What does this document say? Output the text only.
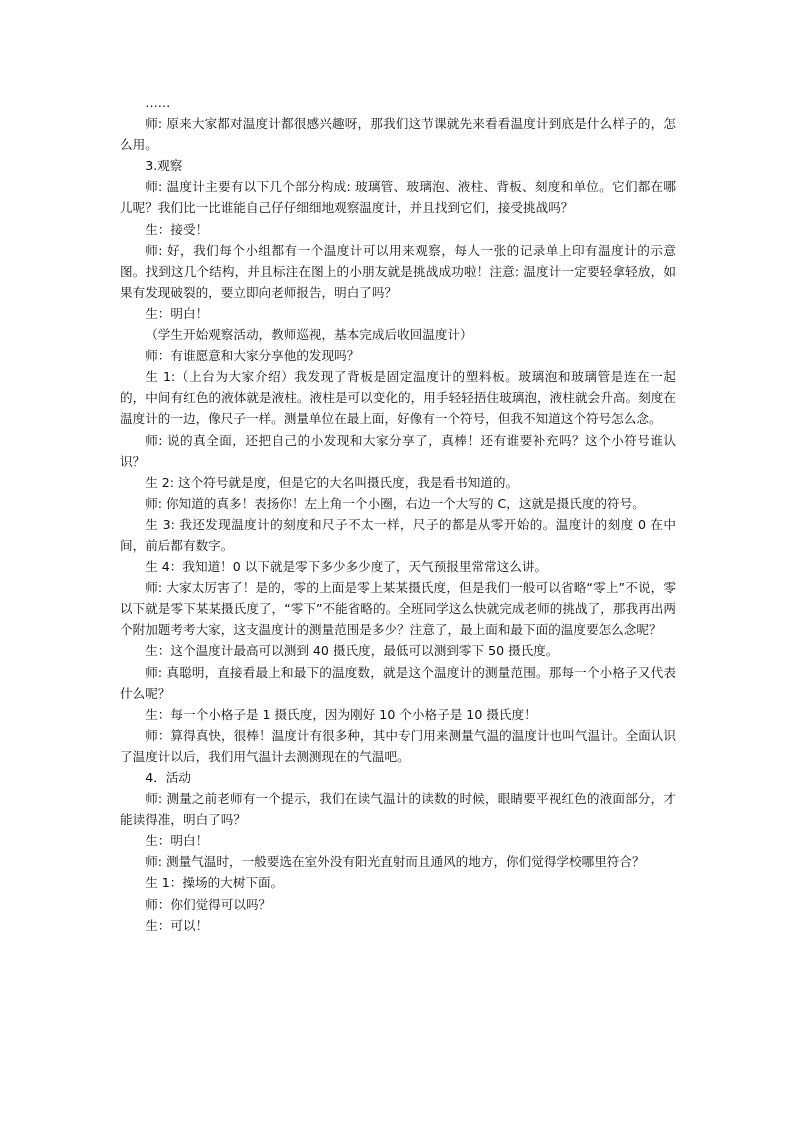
……

师: 原来大家都对温度计都很感兴趣呀，那我们这节课就先来看看温度计到底是什么样子的，怎么用。

3.观察

师: 温度计主要有以下几个部分构成: 玻璃管、玻璃泡、液柱、背板、刻度和单位。它们都在哪儿呢？我们比一比谁能自己仔仔细细地观察温度计，并且找到它们，接受挑战吗？

生：接受！

师: 好，我们每个小组都有一个温度计可以用来观察，每人一张的记录单上印有温度计的示意图。找到这几个结构，并且标注在图上的小朋友就是挑战成功啦！注意: 温度计一定要轻拿轻放，如果有发现破裂的，要立即向老师报告，明白了吗？

生：明白！

（学生开始观察活动，教师巡视，基本完成后收回温度计）

师：有谁愿意和大家分享他的发现吗？

生 1:（上台为大家介绍）我发现了背板是固定温度计的塑料板。玻璃泡和玻璃管是连在一起的，中间有红色的液体就是液柱。液柱是可以变化的，用手轻轻捂住玻璃泡，液柱就会升高。刻度在温度计的一边，像尺子一样。测量单位在最上面，好像有一个符号，但我不知道这个符号怎么念。

师: 说的真全面，还把自己的小发现和大家分享了，真棒！还有谁要补充吗？这个小符号谁认识？

生 2: 这个符号就是度，但是它的大名叫摄氏度，我是看书知道的。

师: 你知道的真多！表扬你！左上角一个小圈，右边一个大写的 C，这就是摄氏度的符号。

生 3: 我还发现温度计的刻度和尺子不太一样，尺子的都是从零开始的。温度计的刻度 0 在中间，前后都有数字。

生 4：我知道！0 以下就是零下多少多少度了，天气预报里常常这么讲。

师: 大家太厉害了！是的，零的上面是零上某某摄氏度，但是我们一般可以省略“零上”不说，零以下就是零下某某摄氏度了，“零下”不能省略的。全班同学这么快就完成老师的挑战了，那我再出两个附加题考考大家，这支温度计的测量范围是多少？注意了，最上面和最下面的温度要怎么念呢？

生：这个温度计最高可以测到 40 摄氏度，最低可以测到零下 50 摄氏度。

师: 真聪明，直接看最上和最下的温度数，就是这个温度计的测量范围。那每一个小格子又代表什么呢？

生：每一个小格子是 1 摄氏度，因为刚好 10 个小格子是 10 摄氏度！

师：算得真快，很棒！温度计有很多种，其中专门用来测量气温的温度计也叫气温计。全面认识了温度计以后，我们用气温计去测测现在的气温吧。

4．活动

师: 测量之前老师有一个提示，我们在读气温计的读数的时候，眼睛要平视红色的液面部分，才能读得准，明白了吗？

生：明白！

师: 测量气温时，一般要选在室外没有阳光直射而且通风的地方，你们觉得学校哪里符合？

生 1：操场的大树下面。

师：你们觉得可以吗？

生：可以！
